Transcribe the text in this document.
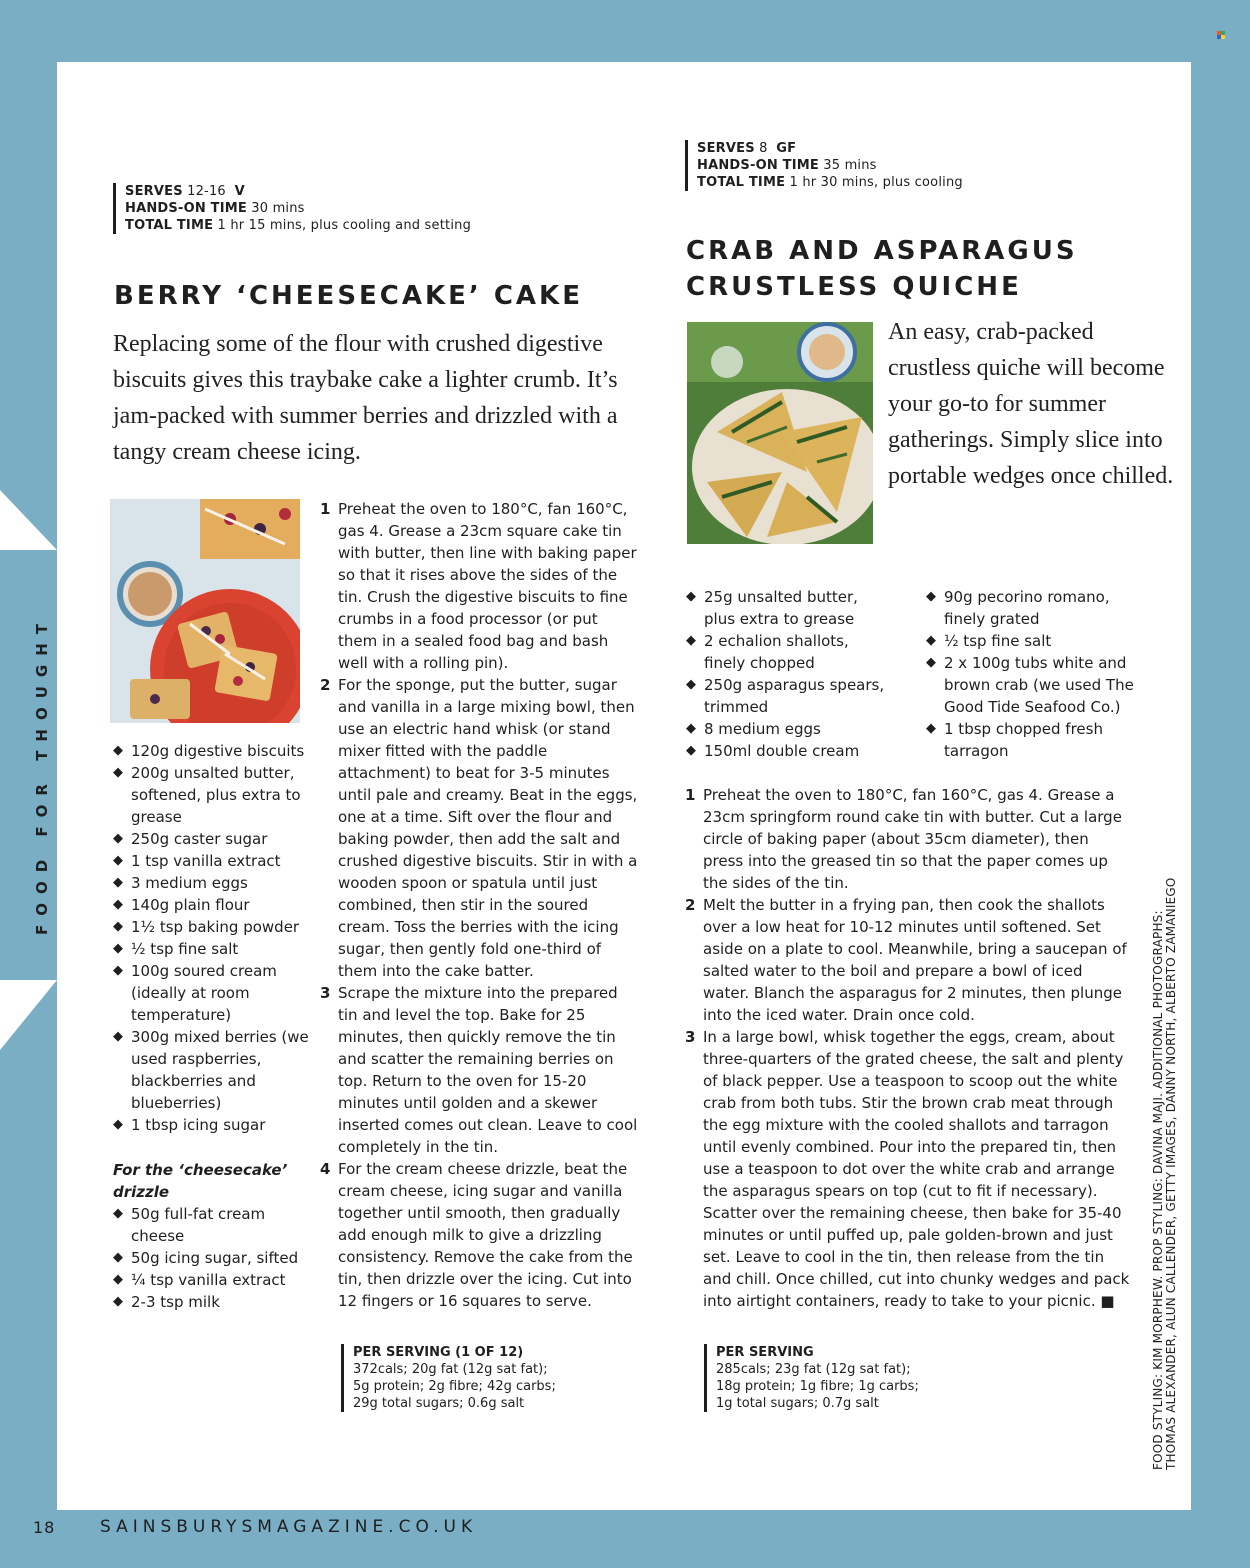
FOOD FOR THOUGHT
SERVES 12-16 V
HANDS-ON TIME 30 mins
TOTAL TIME 1 hr 15 mins, plus cooling and setting
BERRY ‘CHEESECAKE’ CAKE
Replacing some of the flour with crushed digestive biscuits gives this traybake cake a lighter crumb. It’s jam-packed with summer berries and drizzled with a tangy cream cheese icing.
◆ 120g digestive biscuits
◆ 200g unsalted butter, softened, plus extra to grease
◆ 250g caster sugar
◆ 1 tsp vanilla extract
◆ 3 medium eggs
◆ 140g plain flour
◆ 1½ tsp baking powder
◆ ½ tsp fine salt
◆ 100g soured cream (ideally at room temperature)
◆ 300g mixed berries (we used raspberries, blackberries and blueberries)
◆ 1 tbsp icing sugar
For the ‘cheesecake’ drizzle
◆ 50g full-fat cream cheese
◆ 50g icing sugar, sifted
◆ ¼ tsp vanilla extract
◆ 2-3 tsp milk
1 Preheat the oven to 180°C, fan 160°C, gas 4. Grease a 23cm square cake tin with butter, then line with baking paper so that it rises above the sides of the tin. Crush the digestive biscuits to fine crumbs in a food processor (or put them in a sealed food bag and bash well with a rolling pin).
2 For the sponge, put the butter, sugar and vanilla in a large mixing bowl, then use an electric hand whisk (or stand mixer fitted with the paddle attachment) to beat for 3-5 minutes until pale and creamy. Beat in the eggs, one at a time. Sift over the flour and baking powder, then add the salt and crushed digestive biscuits. Stir in with a wooden spoon or spatula until just combined, then stir in the soured cream. Toss the berries with the icing sugar, then gently fold one-third of them into the cake batter.
3 Scrape the mixture into the prepared tin and level the top. Bake for 25 minutes, then quickly remove the tin and scatter the remaining berries on top. Return to the oven for 15-20 minutes until golden and a skewer inserted comes out clean. Leave to cool completely in the tin.
4 For the cream cheese drizzle, beat the cream cheese, icing sugar and vanilla together until smooth, then gradually add enough milk to give a drizzling consistency. Remove the cake from the tin, then drizzle over the icing. Cut into 12 fingers or 16 squares to serve.
PER SERVING (1 OF 12)
372cals; 20g fat (12g sat fat);
5g protein; 2g fibre; 42g carbs;
29g total sugars; 0.6g salt
SERVES 8 GF
HANDS-ON TIME 35 mins
TOTAL TIME 1 hr 30 mins, plus cooling
CRAB AND ASPARAGUS
CRUSTLESS QUICHE
An easy, crab-packed crustless quiche will become your go-to for summer gatherings. Simply slice into portable wedges once chilled.
◆ 25g unsalted butter, plus extra to grease
◆ 2 echalion shallots, finely chopped
◆ 250g asparagus spears, trimmed
◆ 8 medium eggs
◆ 150ml double cream
◆ 90g pecorino romano, finely grated
◆ ½ tsp fine salt
◆ 2 x 100g tubs white and brown crab (we used The Good Tide Seafood Co.)
◆ 1 tbsp chopped fresh tarragon
1 Preheat the oven to 180°C, fan 160°C, gas 4. Grease a 23cm springform round cake tin with butter. Cut a large circle of baking paper (about 35cm diameter), then press into the greased tin so that the paper comes up the sides of the tin.
2 Melt the butter in a frying pan, then cook the shallots over a low heat for 10-12 minutes until softened. Set aside on a plate to cool. Meanwhile, bring a saucepan of salted water to the boil and prepare a bowl of iced water. Blanch the asparagus for 2 minutes, then plunge into the iced water. Drain once cold.
3 In a large bowl, whisk together the eggs, cream, about three-quarters of the grated cheese, the salt and plenty of black pepper. Use a teaspoon to scoop out the white crab from both tubs. Stir the brown crab meat through the egg mixture with the cooled shallots and tarragon until evenly combined. Pour into the prepared tin, then use a teaspoon to dot over the white crab and arrange the asparagus spears on top (cut to fit if necessary). Scatter over the remaining cheese, then bake for 35-40 minutes or until puffed up, pale golden-brown and just set. Leave to cool in the tin, then release from the tin and chill. Once chilled, cut into chunky wedges and pack into airtight containers, ready to take to your picnic. ■
PER SERVING
285cals; 23g fat (12g sat fat);
18g protein; 1g fibre; 1g carbs;
1g total sugars; 0.7g salt	FOOD STYLING: KIM MORPHEW. PROP STYLING: DAVINA MAJI. ADDITIONAL PHOTOGRAPHS: THOMAS ALEXANDER, ALUN CALLENDER, GETTY IMAGES, DANNY NORTH, ALBERTO ZAMANIEGO
18	SAINSBURYSMAGAZINE.CO.UK
